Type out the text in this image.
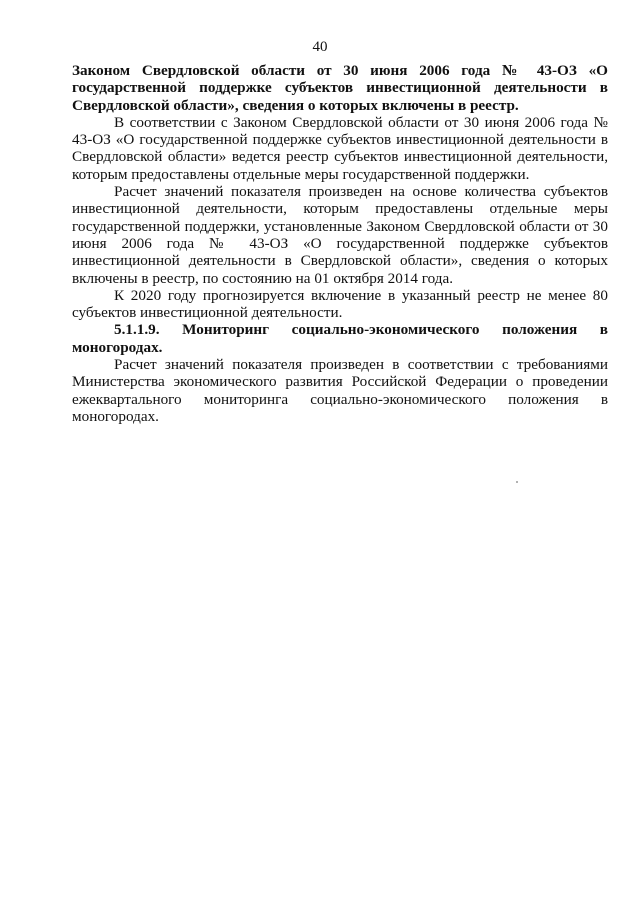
40

Законом Свердловской области от 30 июня 2006 года № 43-ОЗ «О государственной поддержке субъектов инвестиционной деятельности в Свердловской области», сведения о которых включены в реестр.

В соответствии с Законом Свердловской области от 30 июня 2006 года № 43-ОЗ «О государственной поддержке субъектов инвестиционной деятельности в Свердловской области» ведется реестр субъектов инвестиционной деятельности, которым предоставлены отдельные меры государственной поддержки.

Расчет значений показателя произведен на основе количества субъектов инвестиционной деятельности, которым предоставлены отдельные меры государственной поддержки, установленные Законом Свердловской области от 30 июня 2006 года № 43-ОЗ «О государственной поддержке субъектов инвестиционной деятельности в Свердловской области», сведения о которых включены в реестр, по состоянию на 01 октября 2014 года.

К 2020 году прогнозируется включение в указанный реестр не менее 80 субъектов инвестиционной деятельности.

5.1.1.9. Мониторинг социально-экономического положения в моногородах.

Расчет значений показателя произведен в соответствии с требованиями Министерства экономического развития Российской Федерации о проведении ежеквартального мониторинга социально-экономического положения в моногородах.
